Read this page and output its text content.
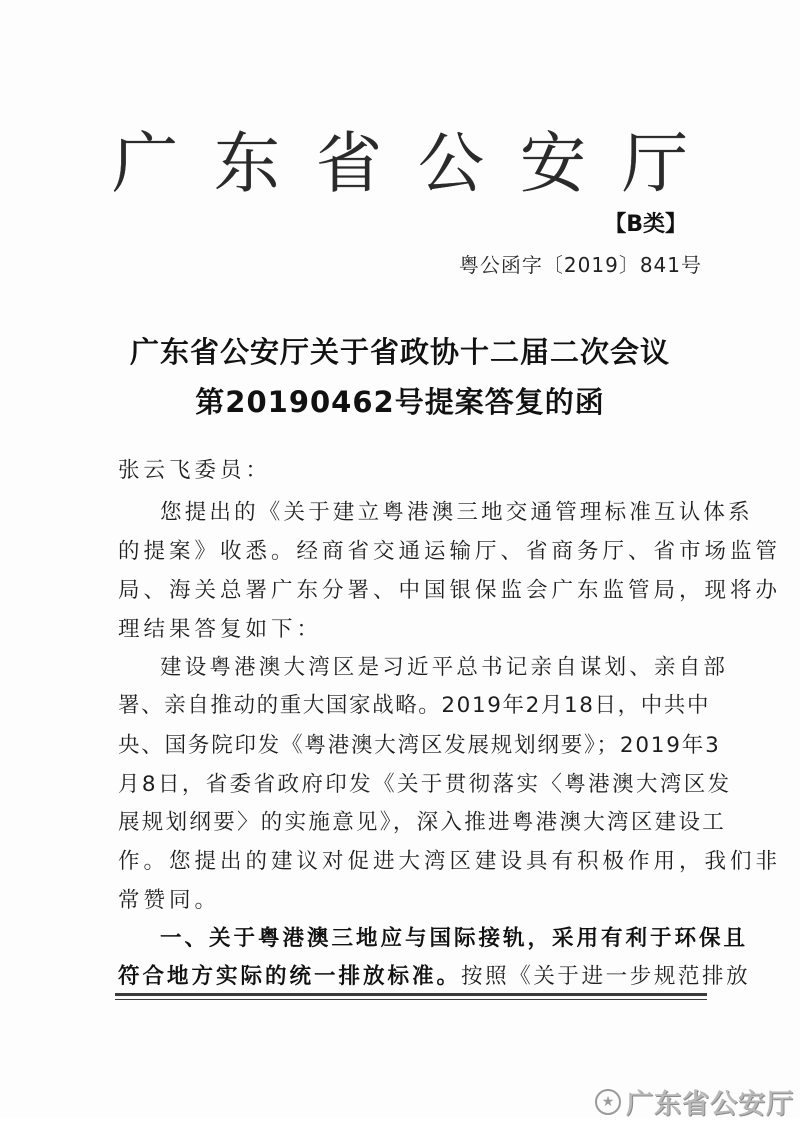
广东省公安厅
【B类】
粤公函字〔2019〕841号
广东省公安厅关于省政协十二届二次会议
第20190462号提案答复的函
张云飞委员：
您提出的《关于建立粤港澳三地交通管理标准互认体系
的提案》收悉。经商省交通运输厅、省商务厅、省市场监管
局、海关总署广东分署、中国银保监会广东监管局，现将办
理结果答复如下：
建设粤港澳大湾区是习近平总书记亲自谋划、亲自部
署、亲自推动的重大国家战略。2019年2月18日，中共中
央、国务院印发《粤港澳大湾区发展规划纲要》；2019年3
月8日，省委省政府印发《关于贯彻落实〈粤港澳大湾区发
展规划纲要〉的实施意见》，深入推进粤港澳大湾区建设工
作。您提出的建议对促进大湾区建设具有积极作用，我们非
常赞同。
一、关于粤港澳三地应与国际接轨，采用有利于环保且
符合地方实际的统一排放标准。按照《关于进一步规范排放
★ 广东省公安厅
